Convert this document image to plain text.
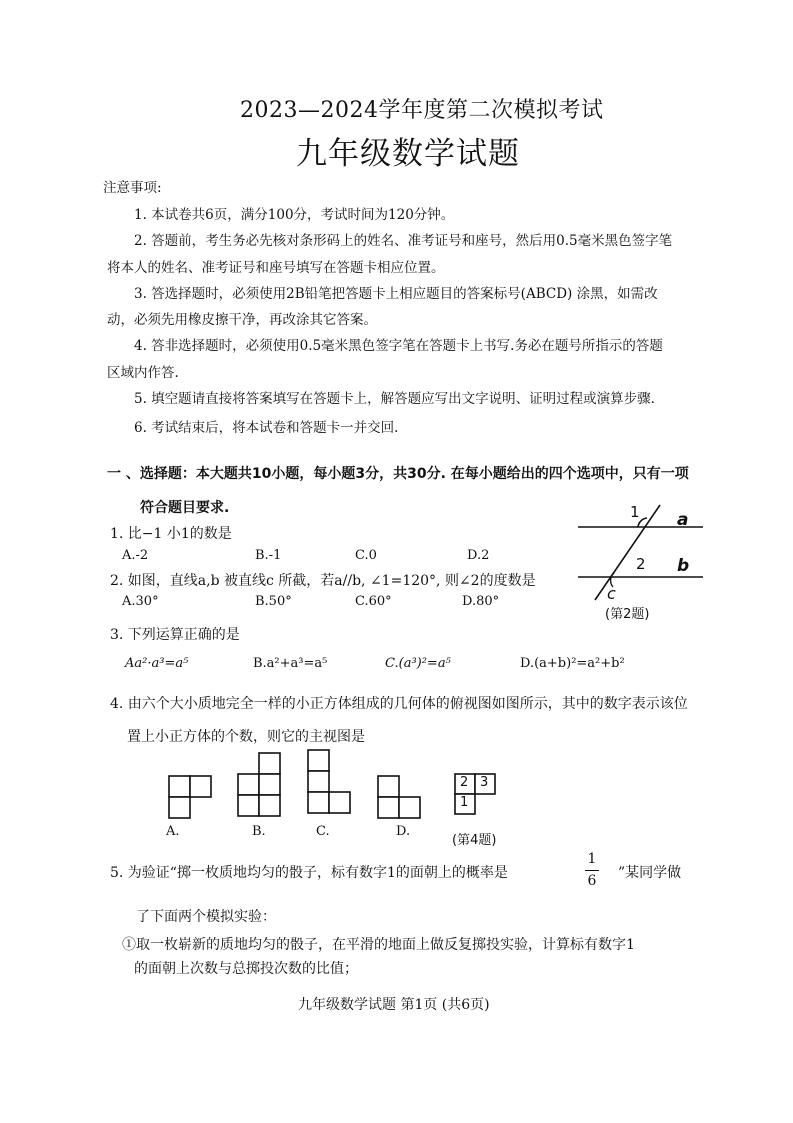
2023—2024学年度第二次模拟考试
九年级数学试题
注意事项:
1. 本试卷共6页，满分100分，考试时间为120分钟。
2. 答题前，考生务必先核对条形码上的姓名、准考证号和座号，然后用0.5毫米黑色签字笔
将本人的姓名、准考证号和座号填写在答题卡相应位置。
3. 答选择题时，必须使用2B铅笔把答题卡上相应题目的答案标号(ABCD) 涂黑，如需改
动，必须先用橡皮擦干净，再改涂其它答案。
4. 答非选择题时，必须使用0.5毫米黑色签字笔在答题卡上书写.务必在题号所指示的答题
区域内作答.
5. 填空题请直接将答案填写在答题卡上，解答题应写出文字说明、证明过程或演算步骤.
6. 考试结束后，将本试卷和答题卡一并交回.
一 、选择题：本大题共10小题，每小题3分，共30分. 在每小题给出的四个选项中，只有一项
符合题目要求.
1. 比−1 小1的数是
A.-2	B.-1	C.0	D.2
2. 如图，直线a,b 被直线c 所截，若a//b, ∠1=120°, 则∠2的度数是
A.30°	B.50°	C.60°	D.80°
1
2
a
b
c
(第2题)
3. 下列运算正确的是
Aa²·a³=a⁵	B.a²+a³=a⁵	C.(a³)²=a⁵	D.(a+b)²=a²+b²
4. 由六个大小质地完全一样的小正方体组成的几何体的俯视图如图所示，其中的数字表示该位
置上小正方体的个数，则它的主视图是
A.	B.	C.	D.
2 3
1
(第4题)
5. 为验证“掷一枚质地均匀的骰子，标有数字1的面朝上的概率是
1
6 ”某同学做
了下面两个模拟实验：
①取一枚崭新的质地均匀的骰子，在平滑的地面上做反复掷投实验，计算标有数字1
的面朝上次数与总掷投次数的比值；
九年级数学试题 第1页 (共6页)
